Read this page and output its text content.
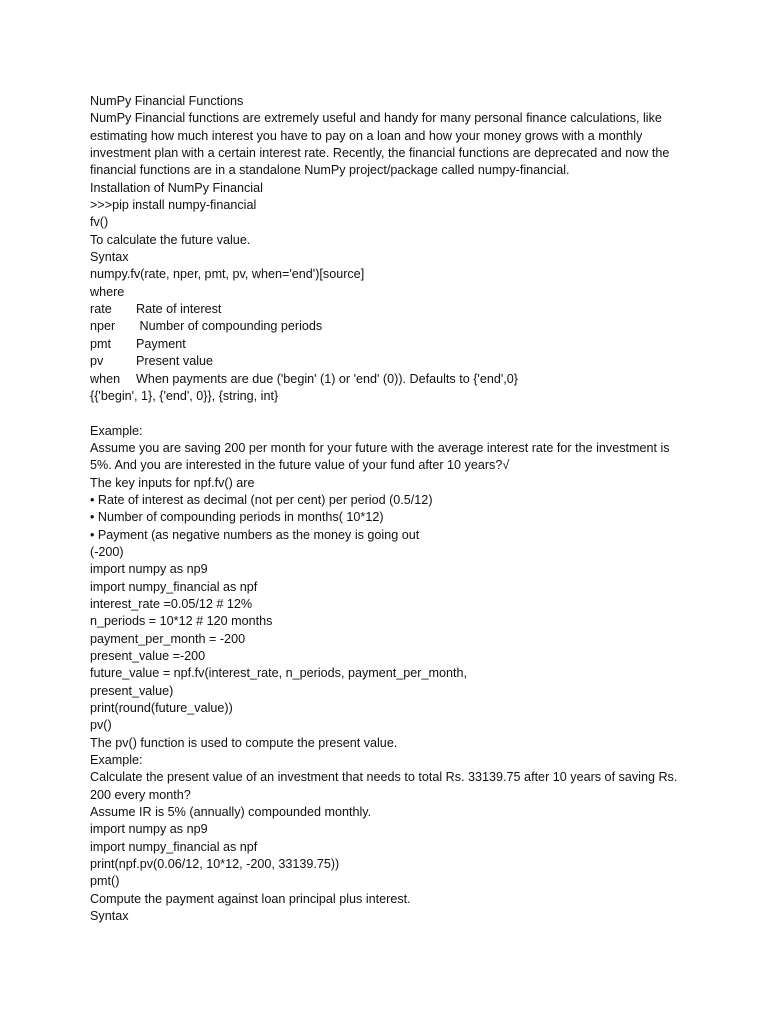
NumPy Financial Functions
NumPy Financial functions are extremely useful and handy for many personal finance calculations, like estimating how much interest you have to pay on a loan and how your money grows with a monthly investment plan with a certain interest rate. Recently, the financial functions are deprecated and now the financial functions are in a standalone NumPy project/package called numpy-financial.
Installation of NumPy Financial
>>>pip install numpy-financial
fv()
To calculate the future value.
Syntax
numpy.fv(rate, nper, pmt, pv, when='end')[source]
where
rate	Rate of interest
nper	Number of compounding periods
pmt	Payment
pv	Present value
when	When payments are due ('begin' (1) or 'end' (0)). Defaults to {'end',0}
{{'begin', 1}, {'end', 0}}, {string, int}
Example:
Assume you are saving 200 per month for your future with the average interest rate for the investment is 5%. And you are interested in the future value of your fund after 10 years?√
The key inputs for npf.fv() are
• Rate of interest as decimal (not per cent) per period (0.5/12)
• Number of compounding periods in months( 10*12)
• Payment (as negative numbers as the money is going out
(-200)
import numpy as np9
import numpy_financial as npf
interest_rate =0.05/12 # 12%
n_periods = 10*12 # 120 months
payment_per_month = -200
present_value =-200
future_value = npf.fv(interest_rate, n_periods, payment_per_month,
present_value)
print(round(future_value))
pv()
The pv() function is used to compute the present value.
Example:
Calculate the present value of an investment that needs to total Rs. 33139.75 after 10 years of saving Rs. 200 every month?
Assume IR is 5% (annually) compounded monthly.
import numpy as np9
import numpy_financial as npf
print(npf.pv(0.06/12, 10*12, -200, 33139.75))
pmt()
Compute the payment against loan principal plus interest.
Syntax
